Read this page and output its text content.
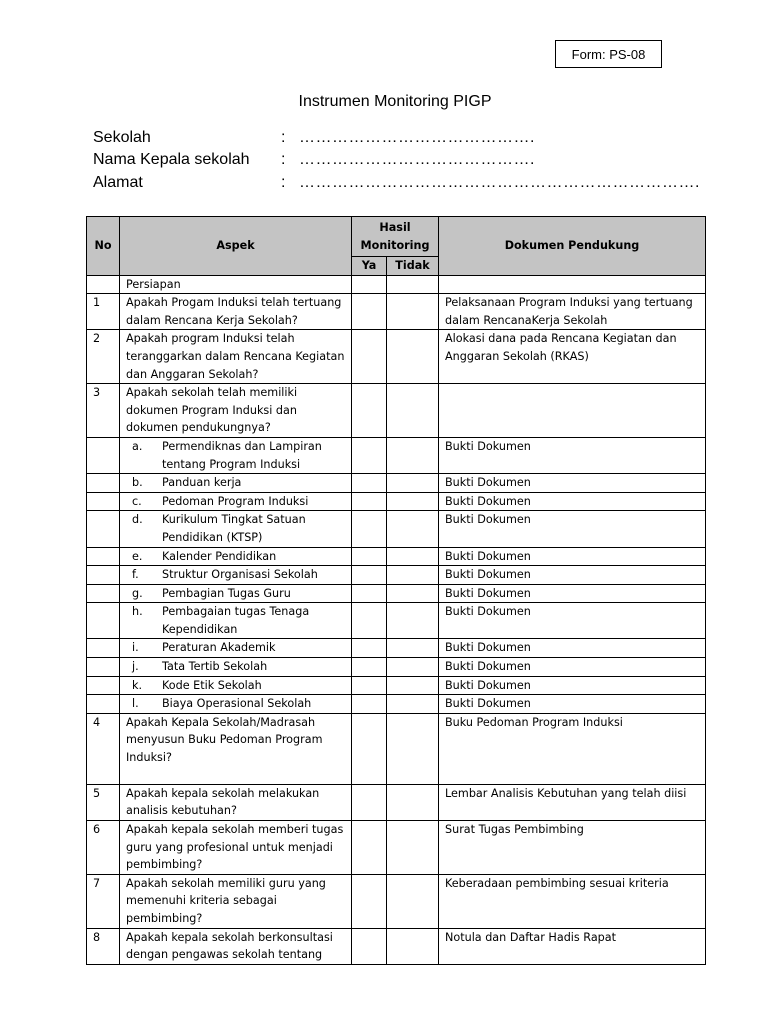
Form: PS-08
Instrumen Monitoring PIGP
Sekolah	: …………………………………….
Nama Kepala sekolah	: …………………………………….
Alamat	: ……………………………………………………………….
No	Aspek	Hasil Monitoring		Dokumen Pendukung
		Ya	Tidak	
	Persiapan			
1	Apakah Progam Induksi telah tertuang dalam Rencana Kerja Sekolah?			Pelaksanaan Program Induksi yang tertuang dalam RencanaKerja Sekolah
2	Apakah program Induksi telah teranggarkan dalam Rencana Kegiatan dan Anggaran Sekolah?			Alokasi dana pada Rencana Kegiatan dan Anggaran Sekolah (RKAS)
3	Apakah sekolah telah memiliki dokumen Program Induksi dan dokumen pendukungnya?			

	a. Permendiknas dan Lampiran tentang Program Induksi			Bukti Dokumen

	b. Panduan kerja			Bukti Dokumen

	c. Pedoman Program Induksi			Bukti Dokumen

	d. Kurikulum Tingkat Satuan Pendidikan (KTSP)			Bukti Dokumen

	e. Kalender Pendidikan			Bukti Dokumen

	f. Struktur Organisasi Sekolah			Bukti Dokumen

	g. Pembagian Tugas Guru			Bukti Dokumen

	h. Pembagaian tugas Tenaga Kependidikan			Bukti Dokumen

	i. Peraturan Akademik			Bukti Dokumen

	j. Tata Tertib Sekolah			Bukti Dokumen

	k. Kode Etik Sekolah			Bukti Dokumen

	l. Biaya Operasional Sekolah			Bukti Dokumen
4	Apakah Kepala Sekolah/Madrasah menyusun Buku Pedoman Program Induksi?			Buku Pedoman Program Induksi
5	Apakah kepala sekolah melakukan analisis kebutuhan?			Lembar Analisis Kebutuhan yang telah diisi
6	Apakah kepala sekolah memberi tugas guru yang profesional untuk menjadi pembimbing?			Surat Tugas Pembimbing
7	Apakah sekolah memiliki guru yang memenuhi kriteria sebagai pembimbing?			Keberadaan pembimbing sesuai kriteria
8	Apakah kepala sekolah berkonsultasi dengan pengawas sekolah tentang			Notula dan Daftar Hadis Rapat
